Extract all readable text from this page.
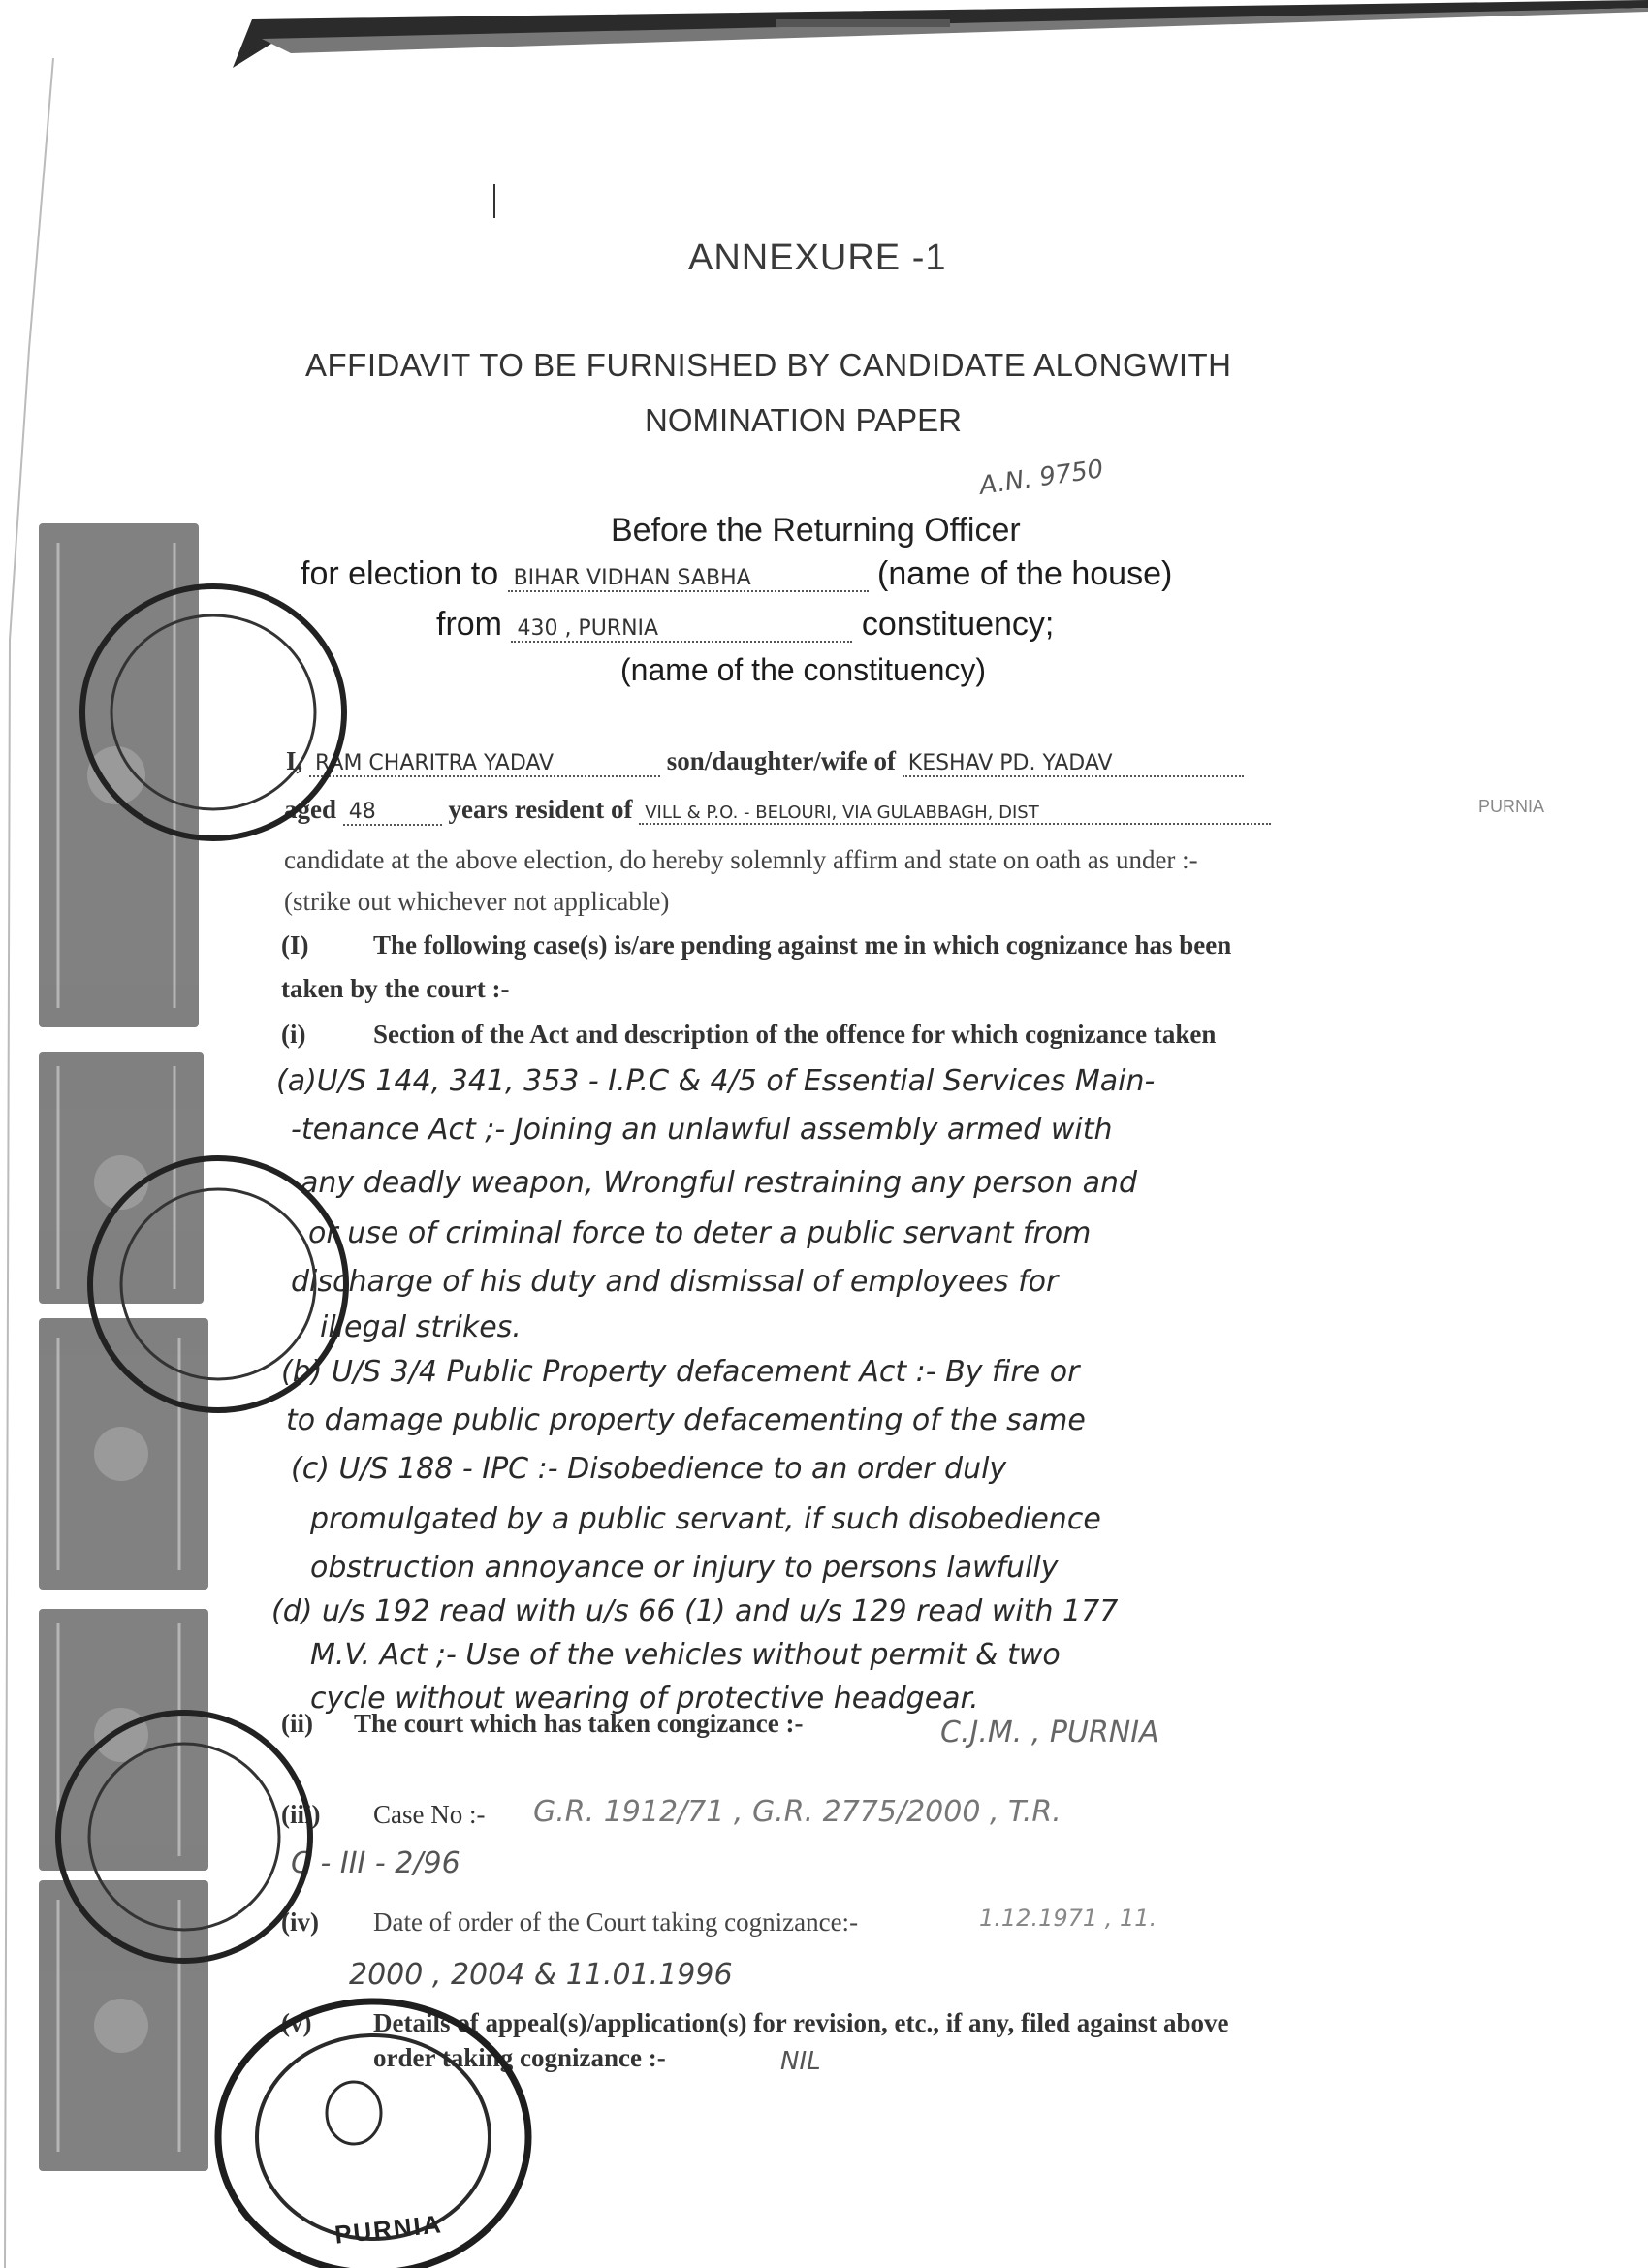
ANNEXURE -1
AFFIDAVIT TO BE FURNISHED BY CANDIDATE ALONGWITH
NOMINATION PAPER
A.N. 9750
Before the Returning Officer
for election to BIHAR VIDHAN SABHA	(name of the house)
from 430 , PURNIA	constituency;
(name of the constituency)
I, RAM CHARITRA YADAV	son/daughter/wife of KESHAV PD. YADAV
aged 48	years resident of VILL & P.O. - BELOURI, VIA GULABBAGH, DIST	PURNIA
candidate at the above election, do hereby solemnly affirm and state on oath as under :-
(strike out whichever not applicable)
(I) The following case(s) is/are pending against me in which cognizance has been
taken by the court :-
(i)	Section of the Act and description of the offence for which cognizance taken
(a)U/S 144, 341, 353 - I.P.C & 4/5 of Essential Services Main-
-tenance Act ;- Joining an unlawful assembly armed with
any deadly weapon, Wrongful restraining any person and
or use of criminal force to deter a public servant from
discharge of his duty and dismissal of employees for
illegal strikes.
(b) U/S 3/4 Public Property defacement Act :- By fire or
to damage public property defacementing of the same
(c) U/S 188 - IPC :- Disobedience to an order duly
promulgated by a public servant, if such disobedience
obstruction annoyance or injury to persons lawfully
(d) u/s 192 read with u/s 66 (1) and u/s 129 read with 177
M.V. Act ;- Use of the vehicles without permit & two
cycle without wearing of protective headgear.
(ii) The court which has taken congizance :-	C.J.M. , PURNIA
(iii) Case No :- G.R. 1912/71 , G.R. 2775/2000 , T.R.
C - III - 2/96
(iv) Date of order of the Court taking cognizance:-	1.12.1971 , 11.
2000 , 2004 & 11.01.1996
(v) Details of appeal(s)/application(s) for revision, etc., if any, filed against above
order taking cognizance :-	NIL
PURNIA
